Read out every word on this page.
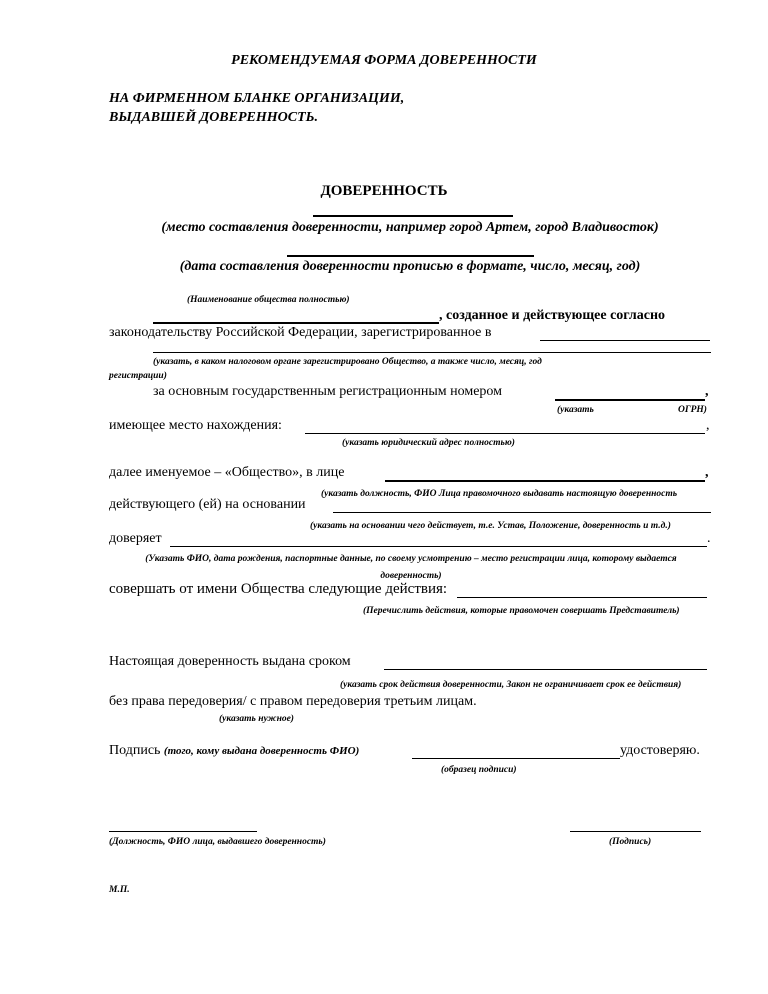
РЕКОМЕНДУЕМАЯ ФОРМА ДОВЕРЕННОСТИ
НА ФИРМЕННОМ БЛАНКЕ ОРГАНИЗАЦИИ,
ВЫДАВШЕЙ ДОВЕРЕННОСТЬ.
ДОВЕРЕННОСТЬ
(место составления доверенности, например город Артем, город Владивосток)
(дата составления доверенности прописью в формате, число, месяц, год)
(Наименование общества полностью)
, созданное и действующее согласно
законодательству Российской Федерации, зарегистрированное в
(указать, в каком налоговом органе зарегистрировано Общество, а также число, месяц, год
регистрации)
за основным государственным регистрационным номером	,
(указать	ОГРН)
имеющее место нахождения:	,
(указать юридический адрес полностью)
далее именуемое – «Общество», в лице	,
(указать должность, ФИО Лица правомочного выдавать настоящую доверенность
действующего (ей) на основании
(указать на основании чего действует, т.е. Устав, Положение, доверенность и т.д.)
доверяет	.
(Указать ФИО, дата рождения, паспортные данные, по своему усмотрению – место регистрации лица, которому выдается
доверенность)
совершать от имени Общества следующие действия:
(Перечислить действия, которые правомочен совершать Представитель)
Настоящая доверенность выдана сроком
(указать срок действия доверенности, Закон не ограничивает срок ее действия)
без права передоверия/ с правом передоверия третьим лицам.
(указать нужное)
Подпись (того, кому выдана доверенность ФИО)	удостоверяю.
(образец подписи)
(Должность, ФИО лица, выдавшего доверенность)	(Подпись)
М.П.
